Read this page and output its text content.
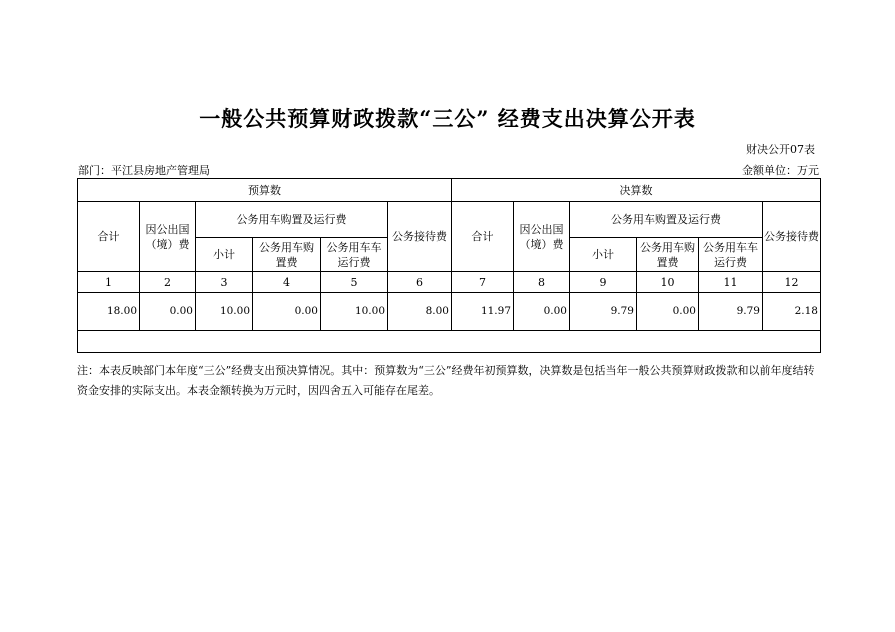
一般公共预算财政拨款“三公” 经费支出决算公开表
财决公开07表
部门：平江县房地产管理局	金额单位：万元
预算数						决算数					
合计	因公出国（境）费	公务用车购置及运行费			公务接待费	合计	因公出国（境）费	公务用车购置及运行费			公务接待费
		小计	公务用车购置费	公务用车车运行费				小计	公务用车购置费	公务用车车运行费	
1	2	3	4	5	6	7	8	9	10	11	12
18.00	0.00	10.00	0.00	10.00	8.00	11.97	0.00	9.79	0.00	9.79	2.18

注：本表反映部门本年度“三公”经费支出预决算情况。其中：预算数为“三公”经费年初预算数，决算数是包括当年一般公共预算财政拨款和以前年度结转资金安排的实际支出。本表金额转换为万元时，因四舍五入可能存在尾差。
